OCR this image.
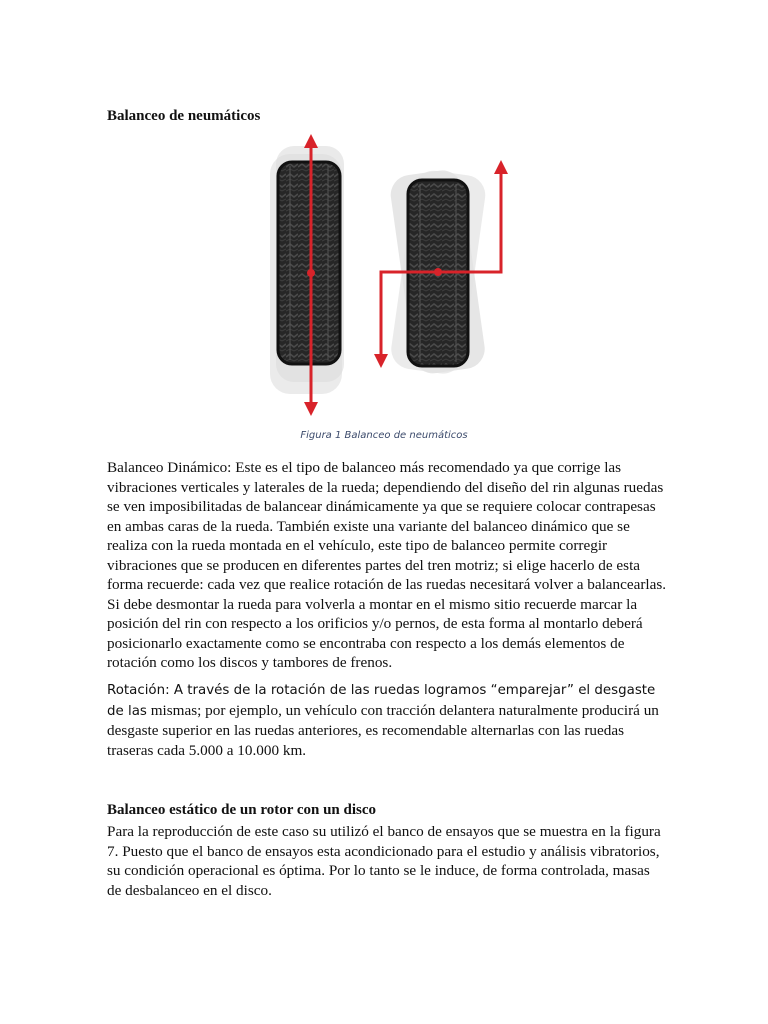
Balanceo de neumáticos

Figura 1 Balanceo de neumáticos

Balanceo Dinámico: Este es el tipo de balanceo más recomendado ya que corrige las vibraciones verticales y laterales de la rueda; dependiendo del diseño del rin algunas ruedas se ven imposibilitadas de balancear dinámicamente ya que se requiere colocar contrapesas en ambas caras de la rueda. También existe una variante del balanceo dinámico que se realiza con la rueda montada en el vehículo, este tipo de balanceo permite corregir vibraciones que se producen en diferentes partes del tren motriz; si elige hacerlo de esta forma recuerde: cada vez que realice rotación de las ruedas necesitará volver a balancearlas. Si debe desmontar la rueda para volverla a montar en el mismo sitio recuerde marcar la posición del rin con respecto a los orificios y/o pernos, de esta forma al montarlo deberá posicionarlo exactamente como se encontraba con respecto a los demás elementos de rotación como los discos y tambores de frenos.

Rotación: A través de la rotación de las ruedas logramos “emparejar” el desgaste de las mismas; por ejemplo, un vehículo con tracción delantera naturalmente producirá un desgaste superior en las ruedas anteriores, es recomendable alternarlas con las ruedas traseras cada 5.000 a 10.000 km.

Balanceo estático de un rotor con un disco

Para la reproducción de este caso su utilizó el banco de ensayos que se muestra en la figura 7. Puesto que el banco de ensayos esta acondicionado para el estudio y análisis vibratorios, su condición operacional es óptima. Por lo tanto se le induce, de forma controlada, masas de desbalanceo en el disco.
